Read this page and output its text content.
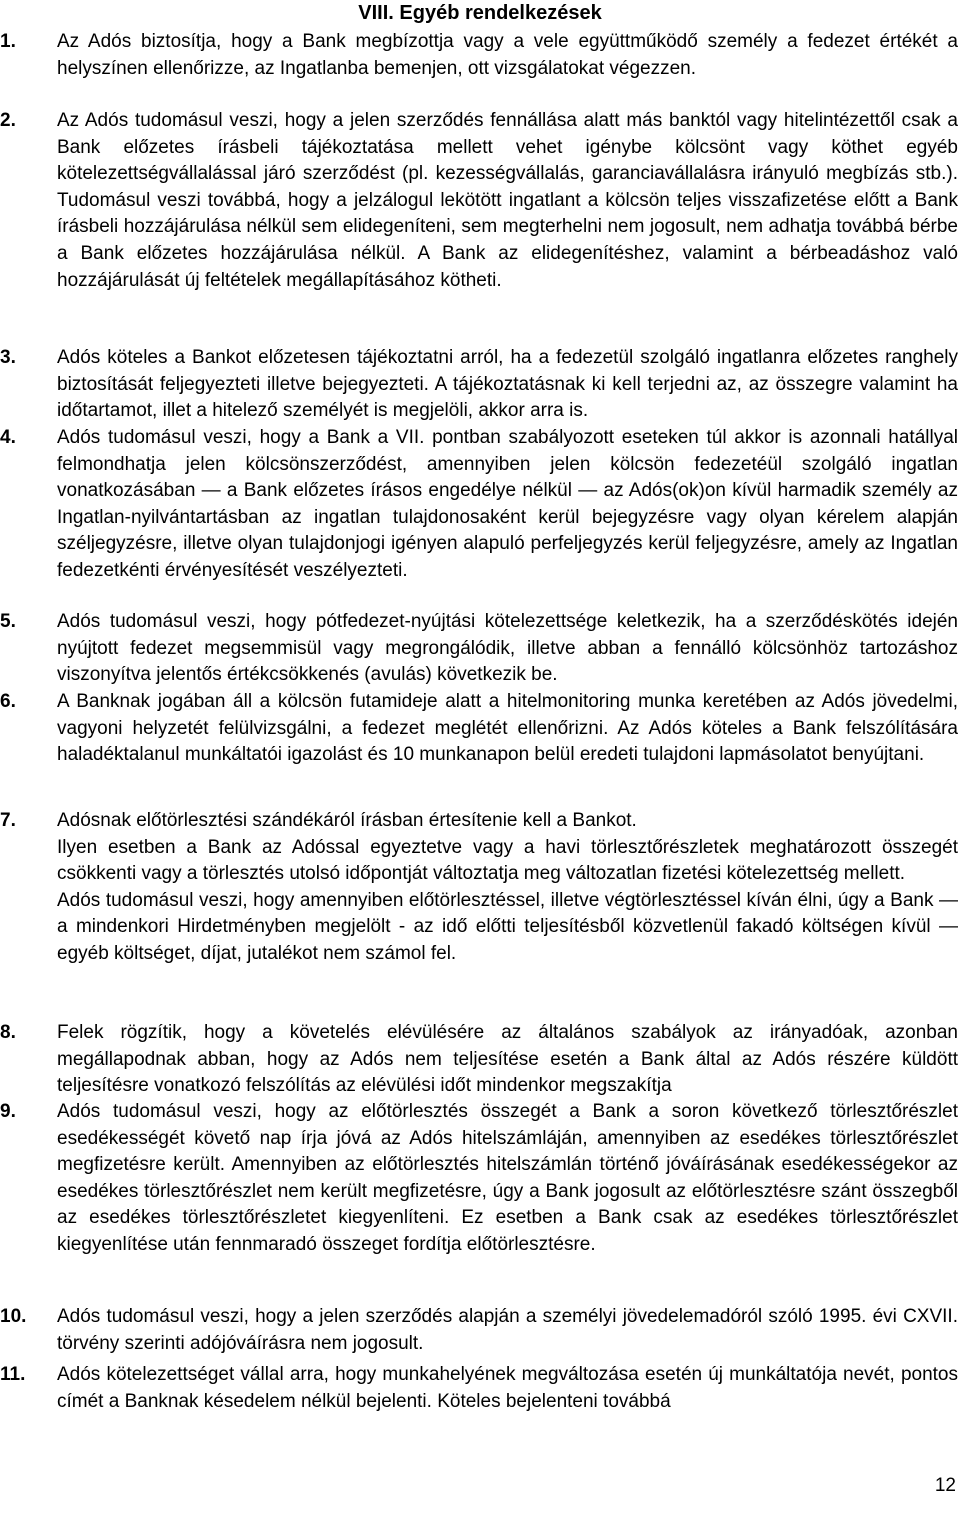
VIII. Egyéb rendelkezések
1. Az Adós biztosítja, hogy a Bank megbízottja vagy a vele együttműködő személy a fedezet értékét a helyszínen ellenőrizze, az Ingatlanba bemenjen, ott vizsgálatokat végezzen.

2. Az Adós tudomásul veszi, hogy a jelen szerződés fennállása alatt más banktól vagy hitelintézettől csak a Bank előzetes írásbeli tájékoztatása mellett vehet igénybe kölcsönt vagy köthet egyéb kötelezettségvállalással járó szerződést (pl. kezességvállalás, garanciavállalásra irányuló megbízás stb.). Tudomásul veszi továbbá, hogy a jelzálogul lekötött ingatlant a kölcsön teljes visszafizetése előtt a Bank írásbeli hozzájárulása nélkül sem elidegeníteni, sem megterhelni nem jogosult, nem adhatja továbbá bérbe a Bank előzetes hozzájárulása nélkül. A Bank az elidegenítéshez, valamint a bérbeadáshoz való hozzájárulását új feltételek megállapításához kötheti.

3. Adós köteles a Bankot előzetesen tájékoztatni arról, ha a fedezetül szolgáló ingatlanra előzetes ranghely biztosítását feljegyezteti illetve bejegyezteti. A tájékoztatásnak ki kell terjedni az, az összegre valamint ha időtartamot, illet a hitelező személyét is megjelöli, akkor arra is.

4. Adós tudomásul veszi, hogy a Bank a VII. pontban szabályozott eseteken túl akkor is azonnali hatállyal felmondhatja jelen kölcsönszerződést, amennyiben jelen kölcsön fedezetéül szolgáló ingatlan vonatkozásában — a Bank előzetes írásos engedélye nélkül — az Adós(ok)on kívül harmadik személy az Ingatlan-nyilvántartásban az ingatlan tulajdonosaként kerül bejegyzésre vagy olyan kérelem alapján széljegyzésre, illetve olyan tulajdonjogi igényen alapuló perfeljegyzés kerül feljegyzésre, amely az Ingatlan fedezetkénti érvényesítését veszélyezteti.

5. Adós tudomásul veszi, hogy pótfedezet-nyújtási kötelezettsége keletkezik, ha a szerződéskötés idején nyújtott fedezet megsemmisül vagy megrongálódik, illetve abban a fennálló kölcsönhöz tartozáshoz viszonyítva jelentős értékcsökkenés (avulás) következik be.

6. A Banknak jogában áll a kölcsön futamideje alatt a hitelmonitoring munka keretében az Adós jövedelmi, vagyoni helyzetét felülvizsgálni, a fedezet meglétét ellenőrizni. Az Adós köteles a Bank felszólítására haladéktalanul munkáltatói igazolást és 10 munkanapon belül eredeti tulajdoni lapmásolatot benyújtani.

7. Adósnak előtörlesztési szándékáról írásban értesítenie kell a Bankot.

Ilyen esetben a Bank az Adóssal egyeztetve vagy a havi törlesztőrészletek meghatározott összegét csökkenti vagy a törlesztés utolsó időpontját változtatja meg változatlan fizetési kötelezettség mellett.

Adós tudomásul veszi, hogy amennyiben előtörlesztéssel, illetve végtörlesztéssel kíván élni, úgy a Bank — a mindenkori Hirdetményben megjelölt - az idő előtti teljesítésből közvetlenül fakadó költségen kívül — egyéb költséget, díjat, jutalékot nem számol fel.

8. Felek rögzítik, hogy a követelés elévülésére az általános szabályok az irányadóak, azonban megállapodnak abban, hogy az Adós nem teljesítése esetén a Bank által az Adós részére küldött teljesítésre vonatkozó felszólítás az elévülési időt mindenkor megszakítja

9. Adós tudomásul veszi, hogy az előtörlesztés összegét a Bank a soron következő törlesztőrészlet esedékességét követő nap írja jóvá az Adós hitelszámláján, amennyiben az esedékes törlesztőrészlet megfizetésre került. Amennyiben az előtörlesztés hitelszámlán történő jóváírásának esedékességekor az esedékes törlesztőrészlet nem került megfizetésre, úgy a Bank jogosult az előtörlesztésre szánt összegből az esedékes törlesztőrészletet kiegyenlíteni. Ez esetben a Bank csak az esedékes törlesztőrészlet kiegyenlítése után fennmaradó összeget fordítja előtörlesztésre.

10. Adós tudomásul veszi, hogy a jelen szerződés alapján a személyi jövedelemadóról szóló 1995. évi CXVII. törvény szerinti adójóváírásra nem jogosult.

11. Adós kötelezettséget vállal arra, hogy munkahelyének megváltozása esetén új munkáltatója nevét, pontos címét a Banknak késedelem nélkül bejelenti. Köteles bejelenteni továbbá

12
